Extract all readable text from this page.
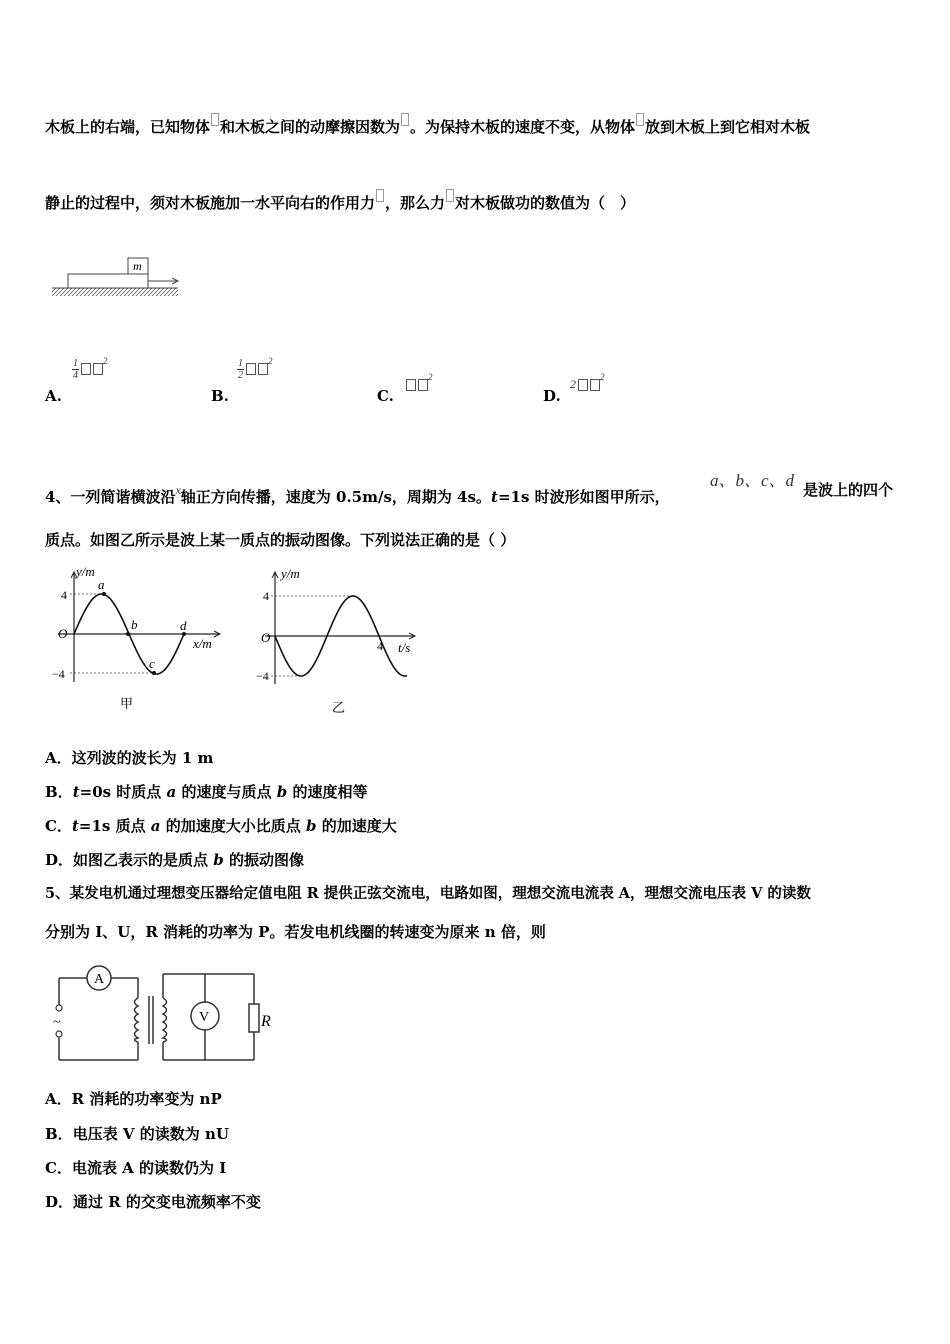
木板上的右端，已知物体 和木板之间的动摩擦因数为 。为保持木板的速度不变，从物体 放到木板上到它相对木板
静止的过程中，须对木板施加一水平向右的作用力 ，那么力 对木板做功的数值为（　）
m
A.
$\frac{1}{4}$	$^2$
B.
$\frac{1}{2}$	$^2$
C.
$^2$
D.
2	$^2$
4、一列简谐横波沿$^x$轴正方向传播，速度为 0.5m/s，周期为 4s。t=1s 时波形如图甲所示，
a、b、c、d 是波上的四个
质点。如图乙所示是波上某一质点的振动图像。下列说法正确的是（ ）
y/m
x/m
O
4
−4
a
b
c
d
甲
y/m
t/s
O
4
−4
4
乙
A．这列波的波长为 1 m
B．t=0s 时质点 a 的速度与质点 b 的速度相等
C．t=1s 质点 a 的加速度大小比质点 b 的加速度大
D．如图乙表示的是质点 b 的振动图像
5、某发电机通过理想变压器给定值电阻 R 提供正弦交流电，电路如图，理想交流电流表 A，理想交流电压表 V 的读数
分别为 I、U，R 消耗的功率为 P。若发电机线圈的转速变为原来 n 倍，则
~
A
V	R
A．R 消耗的功率变为 nP
B．电压表 V 的读数为 nU
C．电流表 A 的读数仍为 I
D．通过 R 的交变电流频率不变
